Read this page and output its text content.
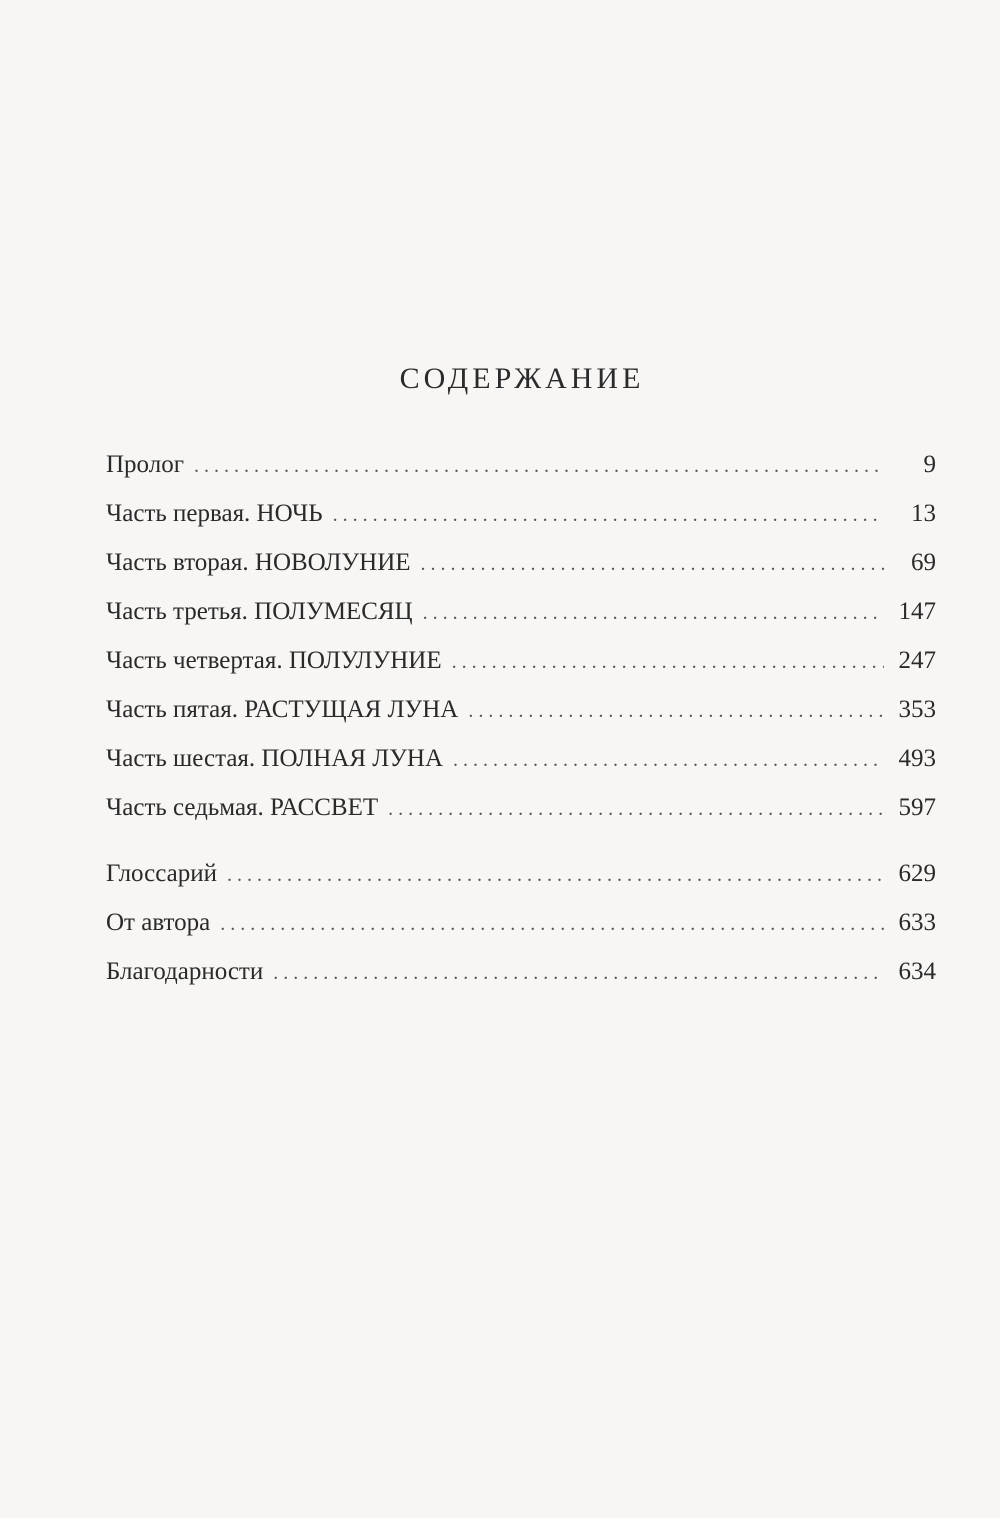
СОДЕРЖАНИЕ
Пролог . . .	9
Часть первая. НОЧЬ . . .	13
Часть вторая. НОВОЛУНИЕ . . .	69
Часть третья. ПОЛУМЕСЯЦ . . .	147
Часть четвертая. ПОЛУЛУНИЕ . . .	247
Часть пятая. РАСТУЩАЯ ЛУНА . . .	353
Часть шестая. ПОЛНАЯ ЛУНА . . .	493
Часть седьмая. РАССВЕТ . . .	597
Глоссарий . . .	629
От автора . . .	633
Благодарности . . .	634
